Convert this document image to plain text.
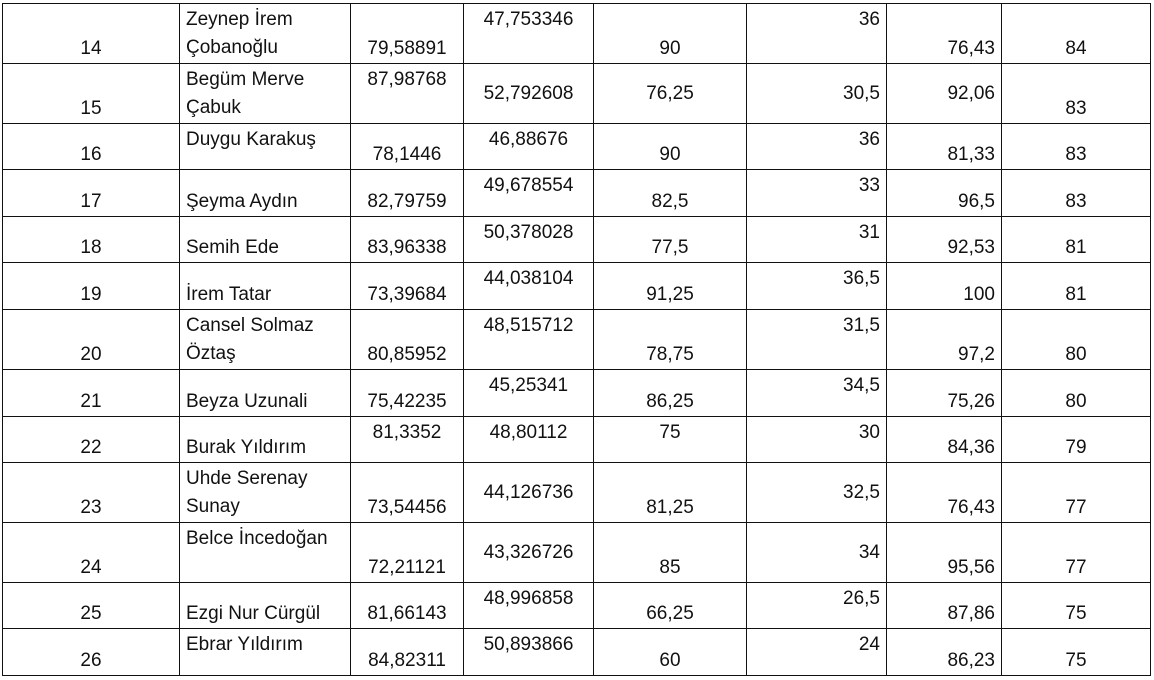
14	Zeynep İrem Çobanoğlu	79,58891	47,753346	90	36	76,43	84
15	Begüm Merve Çabuk	87,98768	52,792608	76,25	30,5	92,06	83
16	Duygu Karakuş	78,1446	46,88676	90	36	81,33	83
17	Şeyma Aydın	82,79759	49,678554	82,5	33	96,5	83
18	Semih Ede	83,96338	50,378028	77,5	31	92,53	81
19	İrem Tatar	73,39684	44,038104	91,25	36,5	100	81
20	Cansel Solmaz Öztaş	80,85952	48,515712	78,75	31,5	97,2	80
21	Beyza Uzunali	75,42235	45,25341	86,25	34,5	75,26	80
22	Burak Yıldırım	81,3352	48,80112	75	30	84,36	79
23	Uhde Serenay Sunay	73,54456	44,126736	81,25	32,5	76,43	77
24	Belce İncedoğan	72,21121	43,326726	85	34	95,56	77
25	Ezgi Nur Cürgül	81,66143	48,996858	66,25	26,5	87,86	75
26	Ebrar Yıldırım	84,82311	50,893866	60	24	86,23	75
